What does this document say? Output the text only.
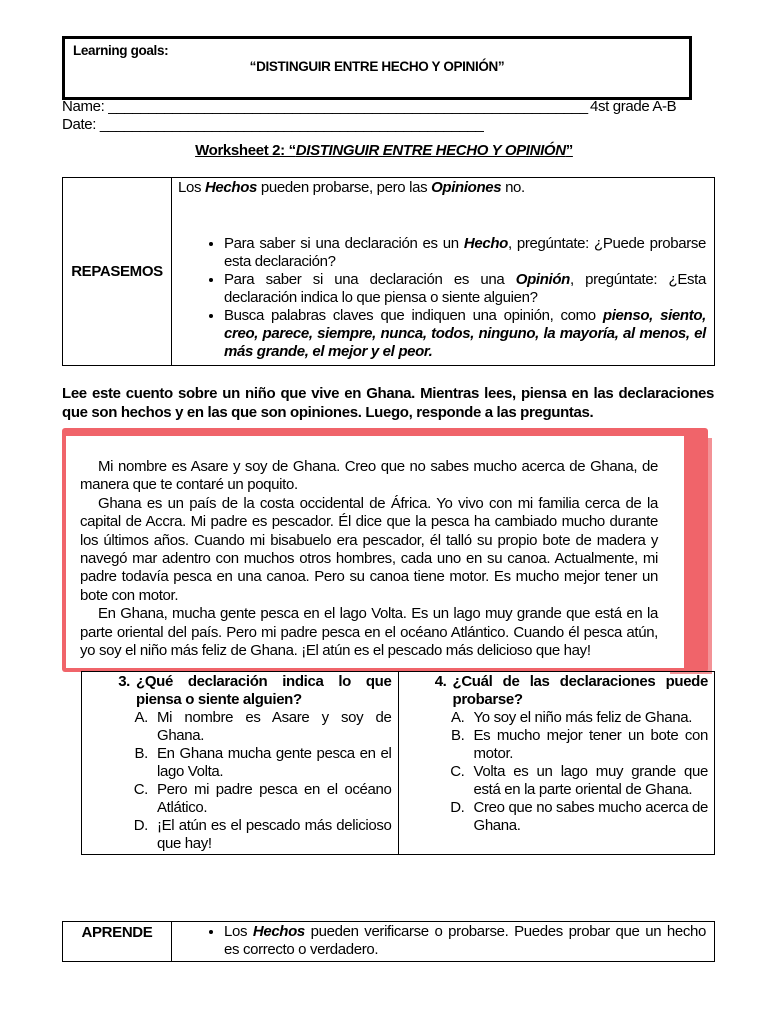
Learning goals:
“DISTINGUIR ENTRE HECHO Y OPINIÓN”
Name: ____________________________________________________________ 4st grade A-B
Date: ________________________________________________
Worksheet 2: “DISTINGUIR ENTRE HECHO Y OPINIÓN”
REPASEMOS	
Los Hechos pueden probarse, pero las Opiniones no.
• Para saber si una declaración es un Hecho, pregúntate: ¿Puede probarse esta declaración?
• Para saber si una declaración es una Opinión, pregúntate: ¿Esta declaración indica lo que piensa o siente alguien?
• Busca palabras claves que indiquen una opinión, como pienso, siento, creo, parece, siempre, nunca, todos, ninguno, la mayoría, al menos, el más grande, el mejor y el peor.
Lee este cuento sobre un niño que vive en Ghana. Mientras lees, piensa en las declaraciones que son hechos y en las que son opiniones. Luego, responde a las preguntas.

Mi nombre es Asare y soy de Ghana. Creo que no sabes mucho acerca de Ghana, de manera que te contaré un poquito.

Ghana es un país de la costa occidental de África. Yo vivo con mi familia cerca de la capital de Accra. Mi padre es pescador. Él dice que la pesca ha cambiado mucho durante los últimos años. Cuando mi bisabuelo era pescador, él talló su propio bote de madera y navegó mar adentro con muchos otros hombres, cada uno en su canoa. Actualmente, mi padre todavía pesca en una canoa. Pero su canoa tiene motor. Es mucho mejor tener un bote con motor.

En Ghana, mucha gente pesca en el lago Volta. Es un lago muy grande que está en la parte oriental del país. Pero mi padre pesca en el océano Atlántico. Cuando él pesca atún, yo soy el niño más feliz de Ghana. ¡El atún es el pescado más delicioso que hay!

3. ¿Qué declaración indica lo que piensa o siente alguien?
A. Mi nombre es Asare y soy de Ghana.
B. En Ghana mucha gente pesca en el lago Volta.
C. Pero mi padre pesca en el océano Atlático.
D. ¡El atún es el pescado más delicioso que hay!

4. ¿Cuál de las declaraciones puede probarse?
A. Yo soy el niño más feliz de Ghana.
B. Es mucho mejor tener un bote con motor.
C. Volta es un lago muy grande que está en la parte oriental de Ghana.
D. Creo que no sabes mucho acerca de Ghana.
APRENDE	
•Los Hechos pueden verificarse o probarse. Puedes probar que un hecho es correcto o verdadero.
